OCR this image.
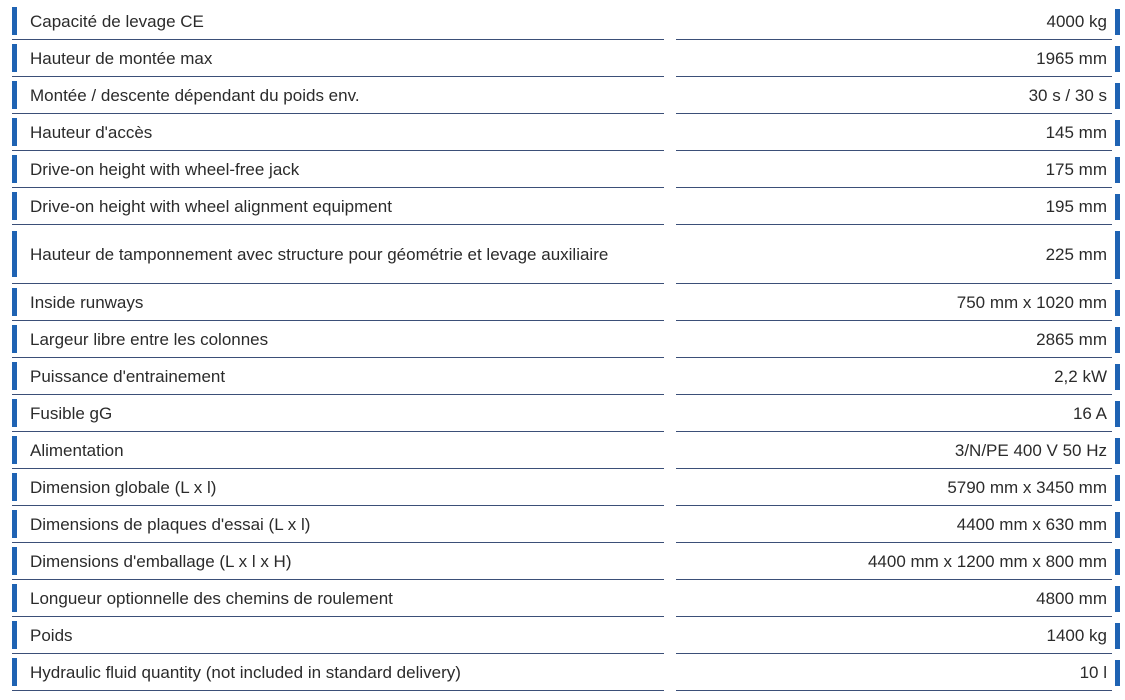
Capacité de levage CE	4000 kg
Hauteur de montée max	1965 mm
Montée / descente dépendant du poids env.	30 s / 30 s
Hauteur d'accès	145 mm
Drive-on height with wheel-free jack	175 mm
Drive-on height with wheel alignment equipment	195 mm
Hauteur de tamponnement avec structure pour géométrie et levage auxiliaire	225 mm
Inside runways	750 mm x 1020 mm
Largeur libre entre les colonnes	2865 mm
Puissance d'entrainement	2,2 kW
Fusible gG	16 A
Alimentation	3/N/PE 400 V 50 Hz
Dimension globale (L x l)	5790 mm x 3450 mm
Dimensions de plaques d'essai (L x l)	4400 mm x 630 mm
Dimensions d'emballage (L x l x H)	4400 mm x 1200 mm x 800 mm
Longueur optionnelle des chemins de roulement	4800 mm
Poids	1400 kg
Hydraulic fluid quantity (not included in standard delivery)	10 l
